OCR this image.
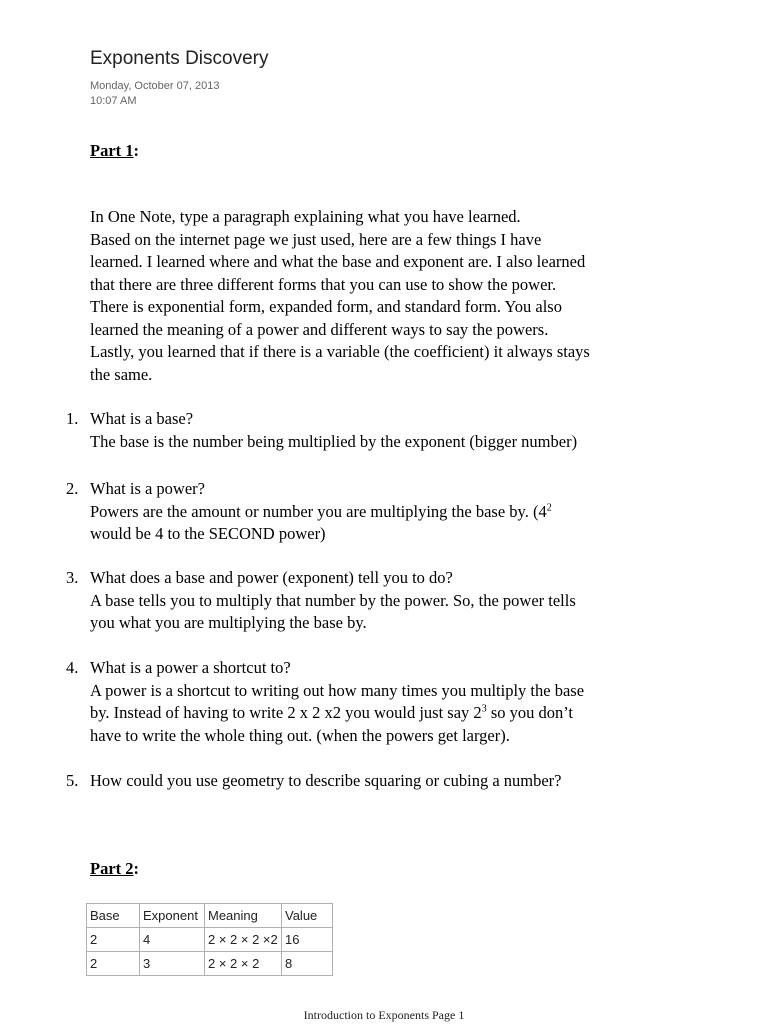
Exponents Discovery
Monday, October 07, 2013
10:07 AM
Part 1:
In One Note, type a paragraph explaining what you have learned.
Based on the internet page we just used, here are a few things I have
learned. I learned where and what the base and exponent are. I also learned
that there are three different forms that you can use to show the power.
There is exponential form, expanded form, and standard form. You also
learned the meaning of a power and different ways to say the powers.
Lastly, you learned that if there is a variable (the coefficient) it always stays
the same.
1. What is a base?
The base is the number being multiplied by the exponent (bigger number)
2. What is a power?
Powers are the amount or number you are multiplying the base by. ($4^2$
would be 4 to the SECOND power)
3. What does a base and power (exponent) tell you to do?
A base tells you to multiply that number by the power. So, the power tells
you what you are multiplying the base by.
4. What is a power a shortcut to?
A power is a shortcut to writing out how many times you multiply the base
by. Instead of having to write 2 x 2 x2 you would just say $2^3$ so you don’t
have to write the whole thing out. (when the powers get larger).
5. How could you use geometry to describe squaring or cubing a number?
Part 2:
Base	Exponent	Meaning	Value
2	4	2 × 2 × 2 ×2	16
2	3	2 × 2 × 2	8
Introduction to Exponents Page 1
